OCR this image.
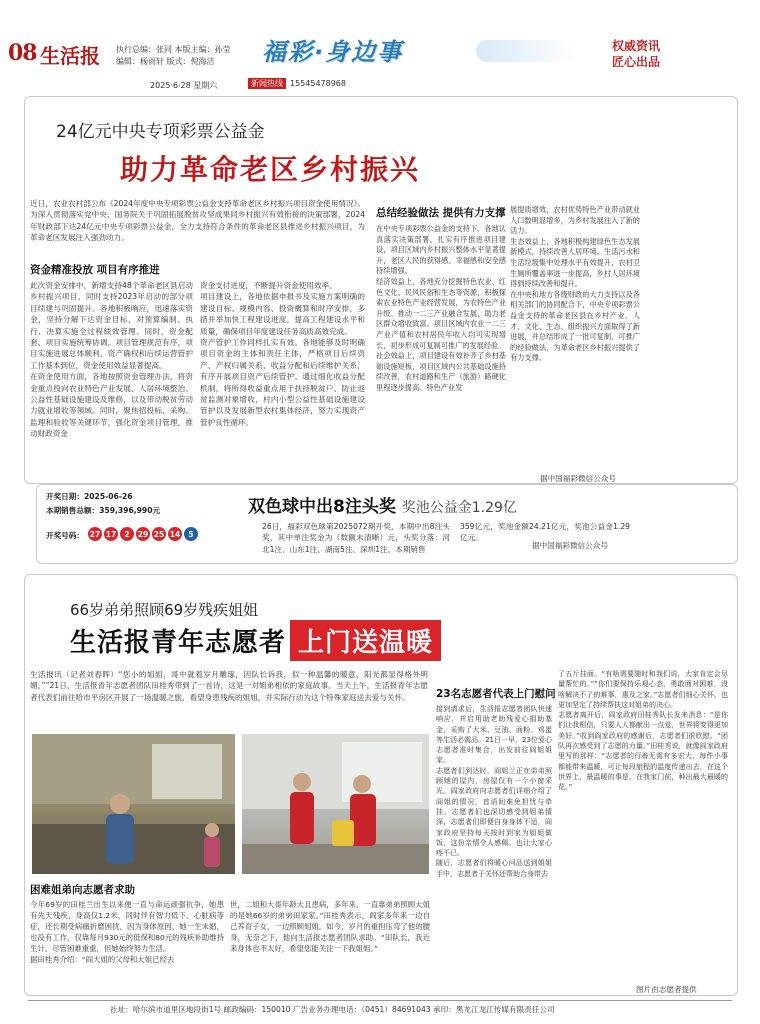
08 生活报 执行总编：张同 本版主编：孙莹
编辑：杨雨轩 版式：倪海洁	福彩·身边事	权威资讯
匠心出品
2025·6·28 星期六	新闻热线 15545478968
24亿元中央专项彩票公益金
助力革命老区乡村振兴
近日，农业农村部公布《2024年度中央专项彩票公益金支持革命老区乡村振兴项目资金使用情况》。为深入贯彻落实党中央、国务院关于巩固拓展脱贫攻坚成果同乡村振兴有效衔接的决策部署，2024年财政部下达24亿元中央专项彩票公益金，全力支持符合条件的革命老区县推进乡村振兴项目，为革命老区发展注入强劲动力。
资金精准投放 项目有序推进
此次资金安排中，新增支持48个革命老区县启动乡村振兴项目，同时支持2023年启动的部分项目续建与巩固提升。各地积极响应，迅速落实资金，坚持分解下达资金目标，对预算编制、执行、决算实施全过程绩效管理。同时，资金配套、项目实施统筹协调，项目管理规范有序，项目实施进展总体顺利，资产确权和后续运营管护工作基本到位，资金使用效益显著提高。
在资金使用方面，各地按照资金管理办法，将资金重点投向农业特色产业发展、人居环境整治、公益性基础设施建设及维修，以及带动脱贫劳动力就业增收等领域。同时，聚焦招投标、采购、监理和验收等关键环节，强化资金项目管理，推动财政资金
资金支付进度，不断提升资金使用效率。
项目建设上，各地依据申报书及实施方案明确的建设目标、规模内容、投资概算和时序安排，多措并举加快工程建设进度，提高工程建设水平和质量，确保项目年度建设任务高质高效完成。
资产管护工作同样扎实有效。各地能够及时明确项目资金的主体和责任主体，严格项目后续资产、产权归属关系、收益分配和后续维护关系，有序开展项目资产后续管护。通过细化收益分配机制，将所得收益重点用于扶持脱贫户、防止返贫监测对象增收，村内小型公益性基础设施建设管护以及发展新型农村集体经济，努力实现资产管护良性循环。
总结经验做法 提供有力支撑
在中央专项彩票公益金的支持下，各地认真落实决策部署，扎实有序推进项目建设，项目区域内乡村振兴整体水平显著提升，老区人民的获得感、幸福感和安全感持续增强。
经济效益上，各地充分挖掘特色农业、红色文化、民风民俗和生态等资源，积极探索农业特色产业经营发展，为农特色产业升级、推动一二三产业融合发展，助力老区群众增收致富。项目区域内农业一二三产业产值和农村居民年收入均可实现增长，初步形成可复制可推广的发展经验。
社会效益上，项目建设有效补齐了乡村基础设施短板，项目区域内公共基础设施持续改善，农村道路和生产（旅游）路硬化里程逐步提高。特色产业发
展提质增效，农村优势特色产业带动就业人口数明显增多，为乡村发展注入了新的活力。
生态效益上，各地积极构建绿色生态发展新模式，持续改善人居环境。生活污水和生活垃圾集中处理水平有效提升，农村卫生厕所覆盖率进一步提高，乡村人居环境得到持续改善和提升。
在中央和地方各级财政的大力支持以及各相关部门的协同配合下，中央专项彩票公益金支持的革命老区县在乡村产业、人才、文化、生态、组织振兴方面取得了新进展，并总结形成了一批可复制、可推广的经验做法，为革命老区乡村振兴提供了有力支撑。
据中国福彩微信公众号
开奖日期：2025-06-26
本期销售总额：359,396,990元	双色球中出8注头奖 奖池公益金1.29亿
开奖号码： 27 17	2	29 25 14	5
26日，福彩双色球第2025072期开奖，本期中出8注头奖，其中单注奖金为（数额未清晰）元，头奖分落：河北1注、山东1注、湖南5注、深圳1注。本期销售
359亿元，奖池金额24.21亿元，奖池公益金1.29亿元。
据中国福彩微信公众号
66岁弟弟照顾69岁残疾姐姐
生活报青年志愿者 上门送温暖
生活报讯（记者刘春晖）“您小的姐姐，哥中就着岁月雕琢，因队长诉我，似一种温馨的暖意，阳光都显得格外明媚。””21日，生活报青年志愿者团队田桂秀带到了一首诗，这是一对姐弟相依的家庭故事。当天上午，生活报青年志愿者代表们前往哈市平房区开展了一场温暖之旅，看望身患残疾的姐姐，并实际行动为这个特殊家庭送去爱与关怀。
困难姐弟向志愿者求助
今年69岁的田桂兰出生以来便一直与命运顽强抗争，她患有先天残疾，身高仅1.2米，同时伴有智力低下、心脏病等症，还长期受病痛折磨困扰，因为身体原因，她一生未婚，也没有工作，仅靠每月930元的低保和80元的残疾补助维持生计。尽管困难重重，但她始终努力生活。
据田桂秀介绍：“阎大姐的父母和大姐已经去
世，二姐和大哥年龄大且患病，多年来，一直靠弟弟照顾大姐的是她66岁的弟弟田家家。”田桂秀表示，阎家多年来一边自己养育子女，一边照顾姐姐。如今，岁月的重担压弯了他的腰身，无奈之下，他向生活报志愿者团队求助。“田队长，我近来身体也不太好，希望您能关注一下我姐姐。”
23名志愿者代表上门慰问
接到请求后，生活报志愿者团队快速响应，并启用助老助残爱心捐助基金，采购了大米、豆油、面粉、鸡蛋等生活必需品。21日一早，23位爱心志愿者准时集合，出发前往阎姐姐家。
志愿者们到达时，阎姐兰正在弟弟照顾她的屋内，房屋仅有一个小窗采光。阎家政府向志愿者们详细介绍了阎姐的情况，首语间难免担忧与牵挂。志愿者们也深切感受到姐弟情深，志愿者们即便自身身体不适，阎家政府坚持每天按时到家为姐姐做饭，这份亲情令人感佩。也让大家心疼不已。
随后，志愿者们将暖心问品送到姐姐手中，志愿者于关怀还帮助合身带去
了五斤挂面。“有啥需要随时和我们说，大家肯定会尽量帮忙的。”“你们要保持乐观心态，勇敢面对困难，没啥解决不了的难事，惠及之家。”志愿者们细心关怀，也更加坚定了持续帮扶这对姐弟的决心。
志愿者离开后，阎家政府田桂秀队长发来消息：“是你们让我相信，只要人人都献出一点爱，世界将变得更加美好。”收到阎家政府的感谢后，志愿者们很欣慰。“团队再次感受到了志愿的力量。”田桂秀说，就像阎家政府里写的那样：“志愿者的行善无需有多宏大，每件小事都能带来温暖，可让每段旅程的温度传递出去，在这个世界上，最温暖的事是，在我家门前，种出最大最暖的花。”
图片由志愿者提供
社址：哈尔滨市道里区地段街1号 邮政编码：150010 广告业务办理电话：（0451）84691043 承印：黑龙江龙江传媒有限责任公司
